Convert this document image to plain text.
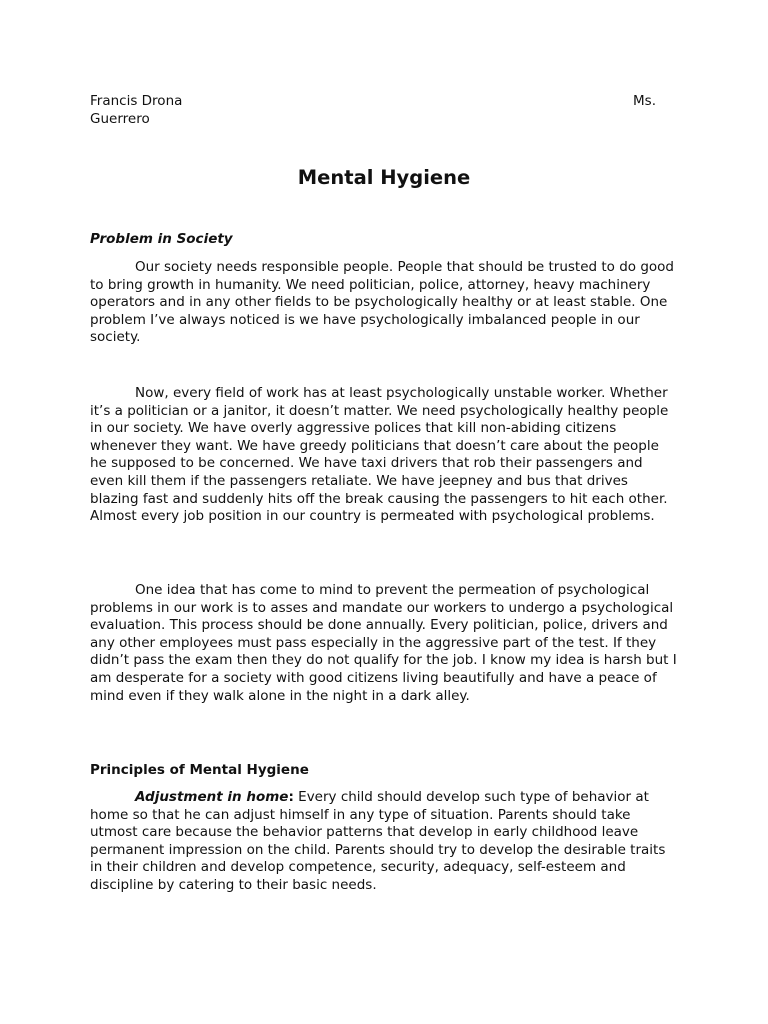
Francis Drona	Ms.
Guerrero
Mental Hygiene
Problem in Society

Our society needs responsible people. People that should be trusted to do good to bring growth in humanity. We need politician, police, attorney, heavy machinery operators and in any other fields to be psychologically healthy or at least stable. One problem I’ve always noticed is we have psychologically imbalanced people in our society.

Now, every field of work has at least psychologically unstable worker. Whether it’s a politician or a janitor, it doesn’t matter. We need psychologically healthy people in our society. We have overly aggressive polices that kill non-abiding citizens whenever they want. We have greedy politicians that doesn’t care about the people he supposed to be concerned. We have taxi drivers that rob their passengers and even kill them if the passengers retaliate. We have jeepney and bus that drives blazing fast and suddenly hits off the break causing the passengers to hit each other. Almost every job position in our country is permeated with psychological problems.

One idea that has come to mind to prevent the permeation of psychological problems in our work is to asses and mandate our workers to undergo a psychological evaluation. This process should be done annually. Every politician, police, drivers and any other employees must pass especially in the aggressive part of the test. If they didn’t pass the exam then they do not qualify for the job. I know my idea is harsh but I am desperate for a society with good citizens living beautifully and have a peace of mind even if they walk alone in the night in a dark alley.

Principles of Mental Hygiene

Adjustment in home: Every child should develop such type of behavior at home so that he can adjust himself in any type of situation. Parents should take utmost care because the behavior patterns that develop in early childhood leave permanent impression on the child. Parents should try to develop the desirable traits in their children and develop competence, security, adequacy, self-esteem and discipline by catering to their basic needs.
